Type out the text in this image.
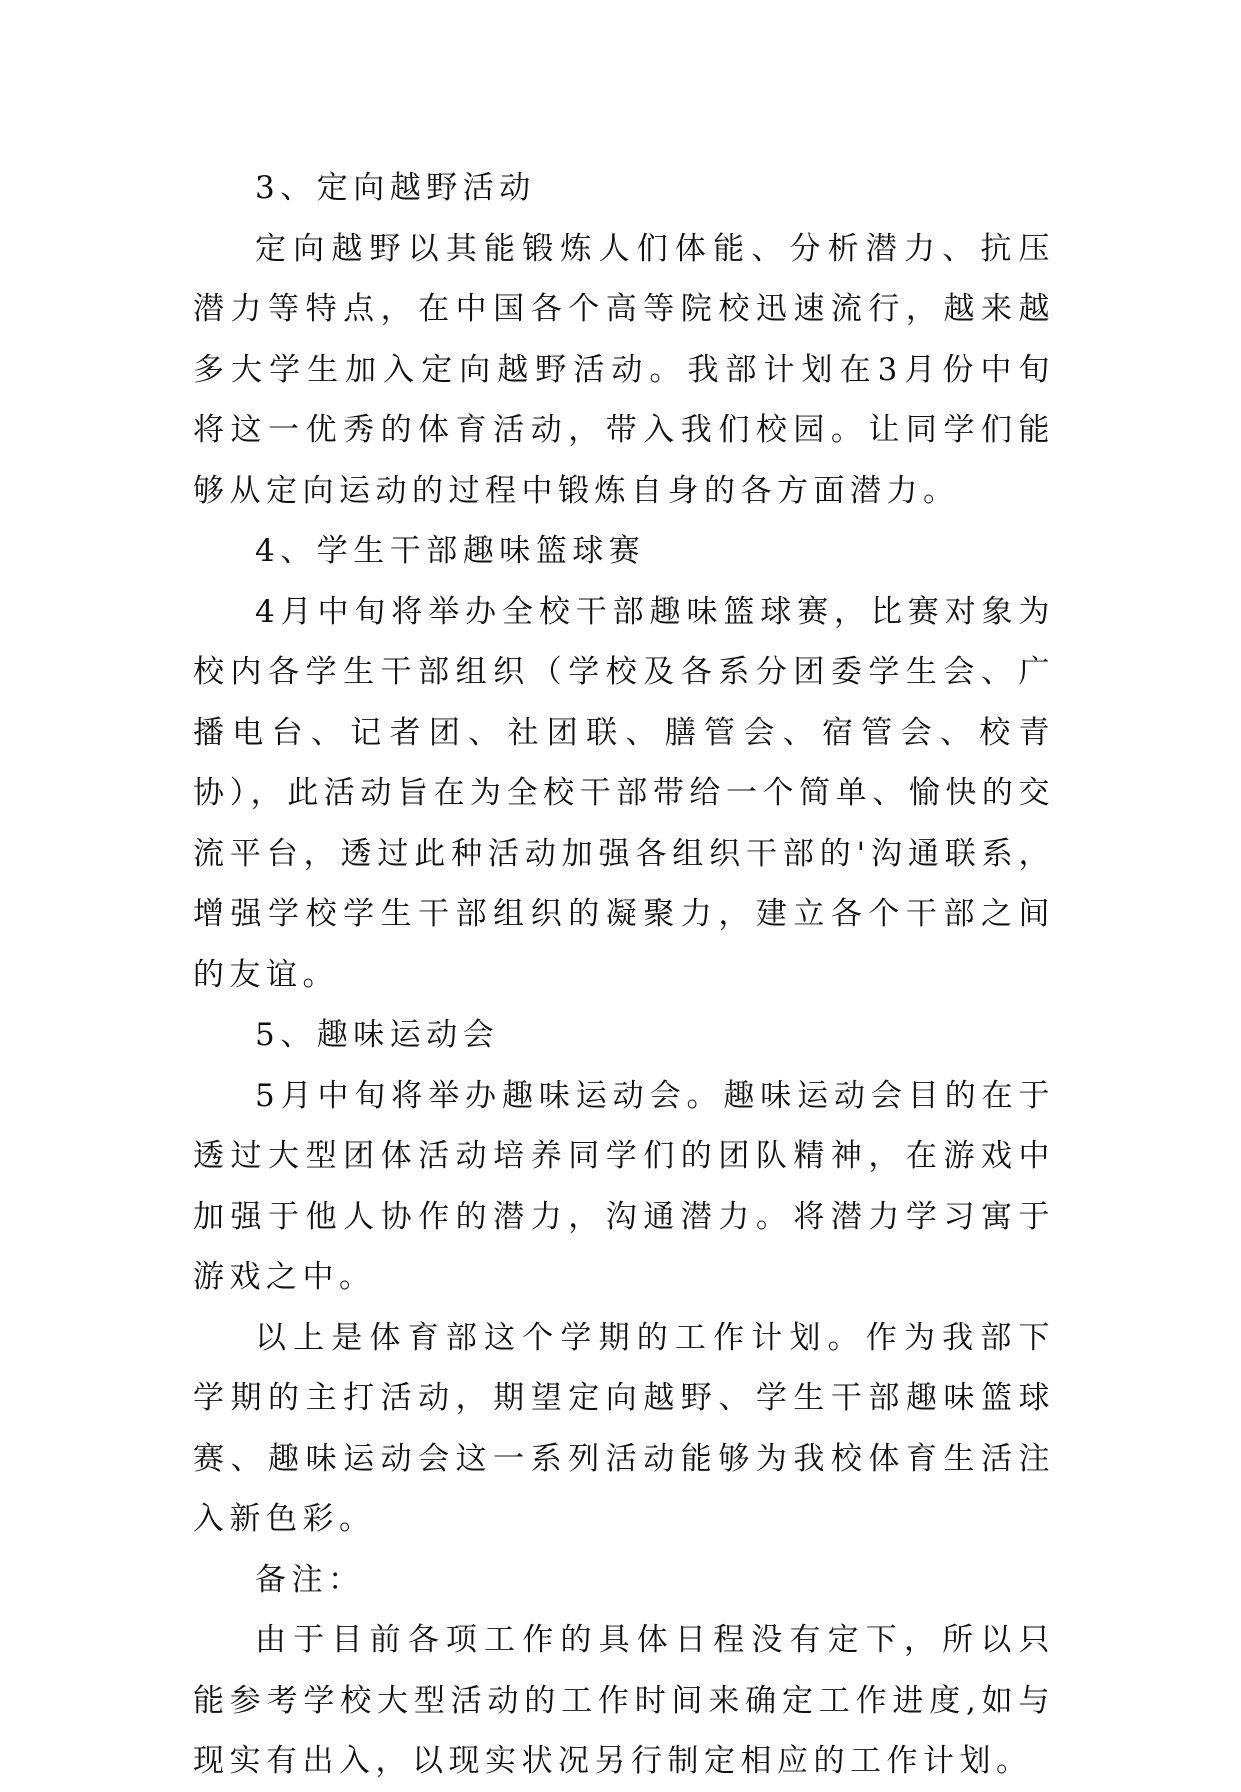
3、定向越野活动

定向越野以其能锻炼人们体能、分析潜力、抗压潜力等特点，在中国各个高等院校迅速流行，越来越多大学生加入定向越野活动。我部计划在3月份中旬将这一优秀的体育活动，带入我们校园。让同学们能够从定向运动的过程中锻炼自身的各方面潜力。

4、学生干部趣味篮球赛

4月中旬将举办全校干部趣味篮球赛，比赛对象为校内各学生干部组织（学校及各系分团委学生会、广播电台、记者团、社团联、膳管会、宿管会、校青协），此活动旨在为全校干部带给一个简单、愉快的交流平台，透过此种活动加强各组织干部的'沟通联系，增强学校学生干部组织的凝聚力，建立各个干部之间的友谊。

5、趣味运动会

5月中旬将举办趣味运动会。趣味运动会目的在于透过大型团体活动培养同学们的团队精神，在游戏中加强于他人协作的潜力，沟通潜力。将潜力学习寓于游戏之中。

以上是体育部这个学期的工作计划。作为我部下学期的主打活动，期望定向越野、学生干部趣味篮球赛、趣味运动会这一系列活动能够为我校体育生活注入新色彩。

备注：

由于目前各项工作的具体日程没有定下，所以只能参考学校大型活动的工作时间来确定工作进度,如与现实有出入，以现实状况另行制定相应的工作计划。
